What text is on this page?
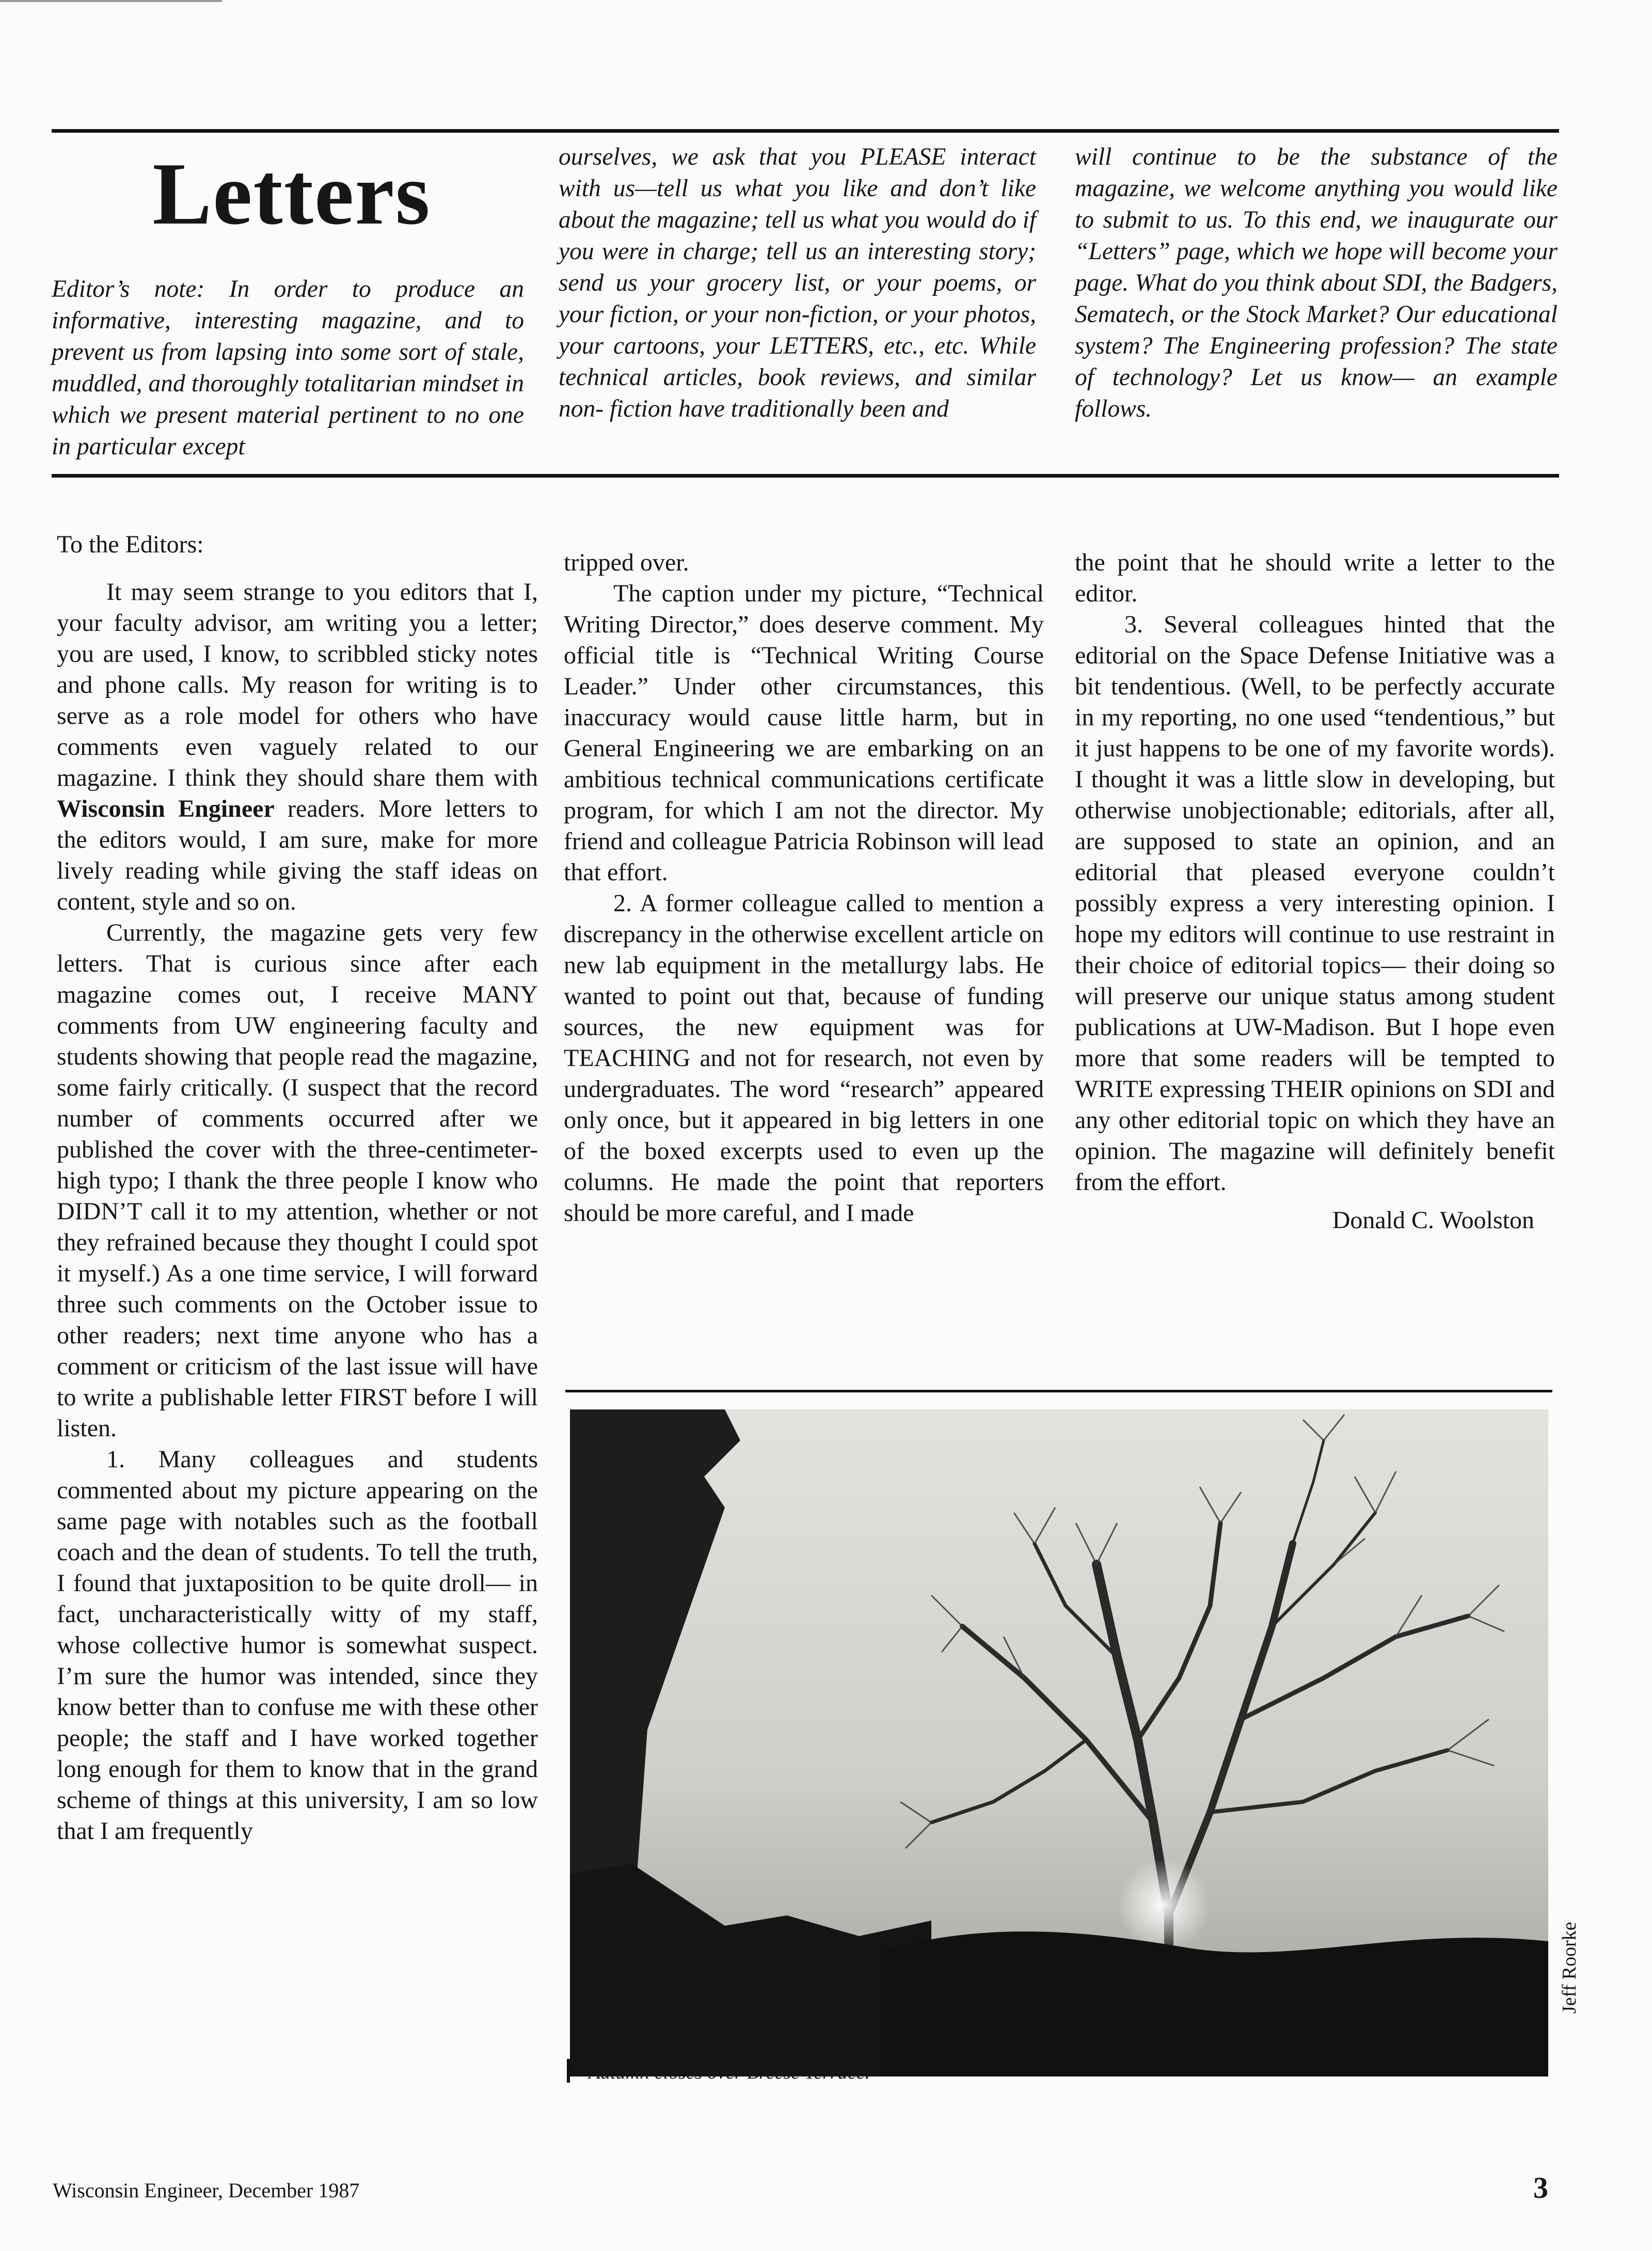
Letters

Editor’s note: In order to produce an informative, interesting magazine, and to prevent us from lapsing into some sort of stale, muddled, and thoroughly totalitarian mindset in which we present material pertinent to no one in particular except

ourselves, we ask that you PLEASE interact with us—tell us what you like and don’t like about the magazine; tell us what you would do if you were in charge; tell us an interesting story; send us your grocery list, or your poems, or your fiction, or your non-fiction, or your photos, your cartoons, your LETTERS, etc., etc. While technical articles, book reviews, and similar non- fiction have traditionally been and

will continue to be the substance of the magazine, we welcome anything you would like to submit to us. To this end, we inaugurate our “Letters” page, which we hope will become your page. What do you think about SDI, the Badgers, Sematech, or the Stock Market? Our educational system? The Engineering profession? The state of technology? Let us know— an example follows.

To the Editors:

It may seem strange to you editors that I, your faculty advisor, am writing you a letter; you are used, I know, to scribbled sticky notes and phone calls. My reason for writing is to serve as a role model for others who have comments even vaguely related to our magazine. I think they should share them with Wisconsin Engineer readers. More letters to the editors would, I am sure, make for more lively reading while giving the staff ideas on content, style and so on.

Currently, the magazine gets very few letters. That is curious since after each magazine comes out, I receive MANY comments from UW engineering faculty and students showing that people read the magazine, some fairly critically. (I suspect that the record number of comments occurred after we published the cover with the three-centimeter-high typo; I thank the three people I know who DIDN’T call it to my attention, whether or not they refrained because they thought I could spot it myself.) As a one time service, I will forward three such comments on the October issue to other readers; next time anyone who has a comment or criticism of the last issue will have to write a publishable letter FIRST before I will listen.

1. Many colleagues and students commented about my picture appearing on the same page with notables such as the football coach and the dean of students. To tell the truth, I found that juxtaposition to be quite droll— in fact, uncharacteristically witty of my staff, whose collective humor is somewhat suspect. I’m sure the humor was intended, since they know better than to confuse me with these other people; the staff and I have worked together long enough for them to know that in the grand scheme of things at this university, I am so low that I am frequently

tripped over.

The caption under my picture, “Technical Writing Director,” does deserve comment. My official title is “Technical Writing Course Leader.” Under other circumstances, this inaccuracy would cause little harm, but in General Engineering we are embarking on an ambitious technical communications certificate program, for which I am not the director. My friend and colleague Patricia Robinson will lead that effort.

2. A former colleague called to mention a discrepancy in the otherwise excellent article on new lab equipment in the metallurgy labs. He wanted to point out that, because of funding sources, the new equipment was for TEACHING and not for research, not even by undergraduates. The word “research” appeared only once, but it appeared in big letters in one of the boxed excerpts used to even up the columns. He made the point that reporters should be more careful, and I made

the point that he should write a letter to the editor.

3. Several colleagues hinted that the editorial on the Space Defense Initiative was a bit tendentious. (Well, to be perfectly accurate in my reporting, no one used “tendentious,” but it just happens to be one of my favorite words). I thought it was a little slow in developing, but otherwise unobjectionable; editorials, after all, are supposed to state an opinion, and an editorial that pleased everyone couldn’t possibly express a very interesting opinion. I hope my editors will continue to use restraint in their choice of editorial topics— their doing so will preserve our unique status among student publications at UW-Madison. But I hope even more that some readers will be tempted to WRITE expressing THEIR opinions on SDI and any other editorial topic on which they have an opinion. The magazine will definitely benefit from the effort.

Donald C. Woolston

Jeff Roorke
Autumn closes over Breese Terrace.
Wisconsin Engineer, December 1987	3
